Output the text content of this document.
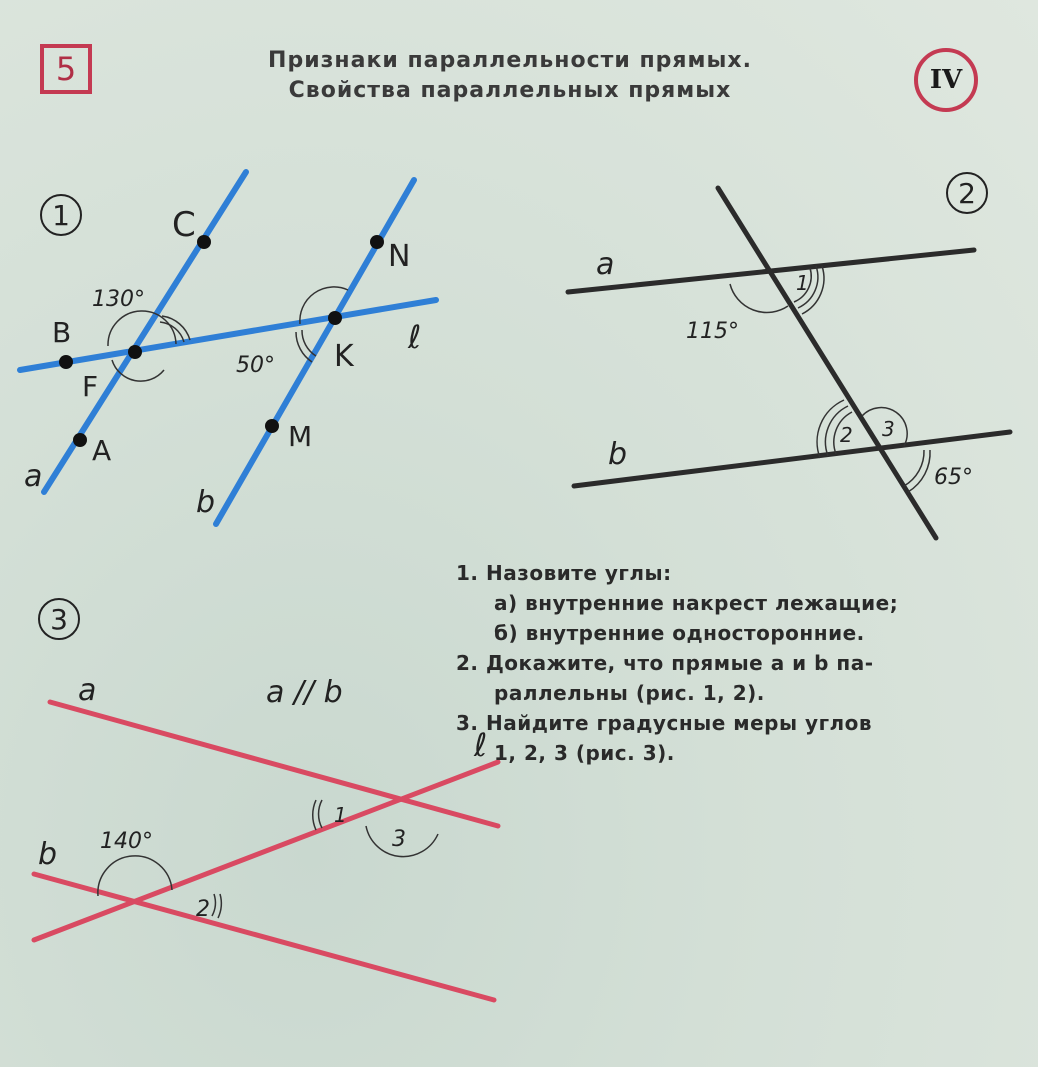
5	Признаки параллельности прямых.
Свойства параллельных прямых	IV
1	C
N
B
F
K
A	M
a
b
ℓ
130°
50°
2
a
b
115°
1
2 3
65°
3
a
b
ℓ
a // b
140°
2
1
3

1. Назовите углы:

а) внутренние накрест лежащие;

б) внутренние односторонние.

2. Докажите, что прямые a и b па-

раллельны (рис. 1, 2).

3. Найдите градусные меры углов

1, 2, 3 (рис. 3).
